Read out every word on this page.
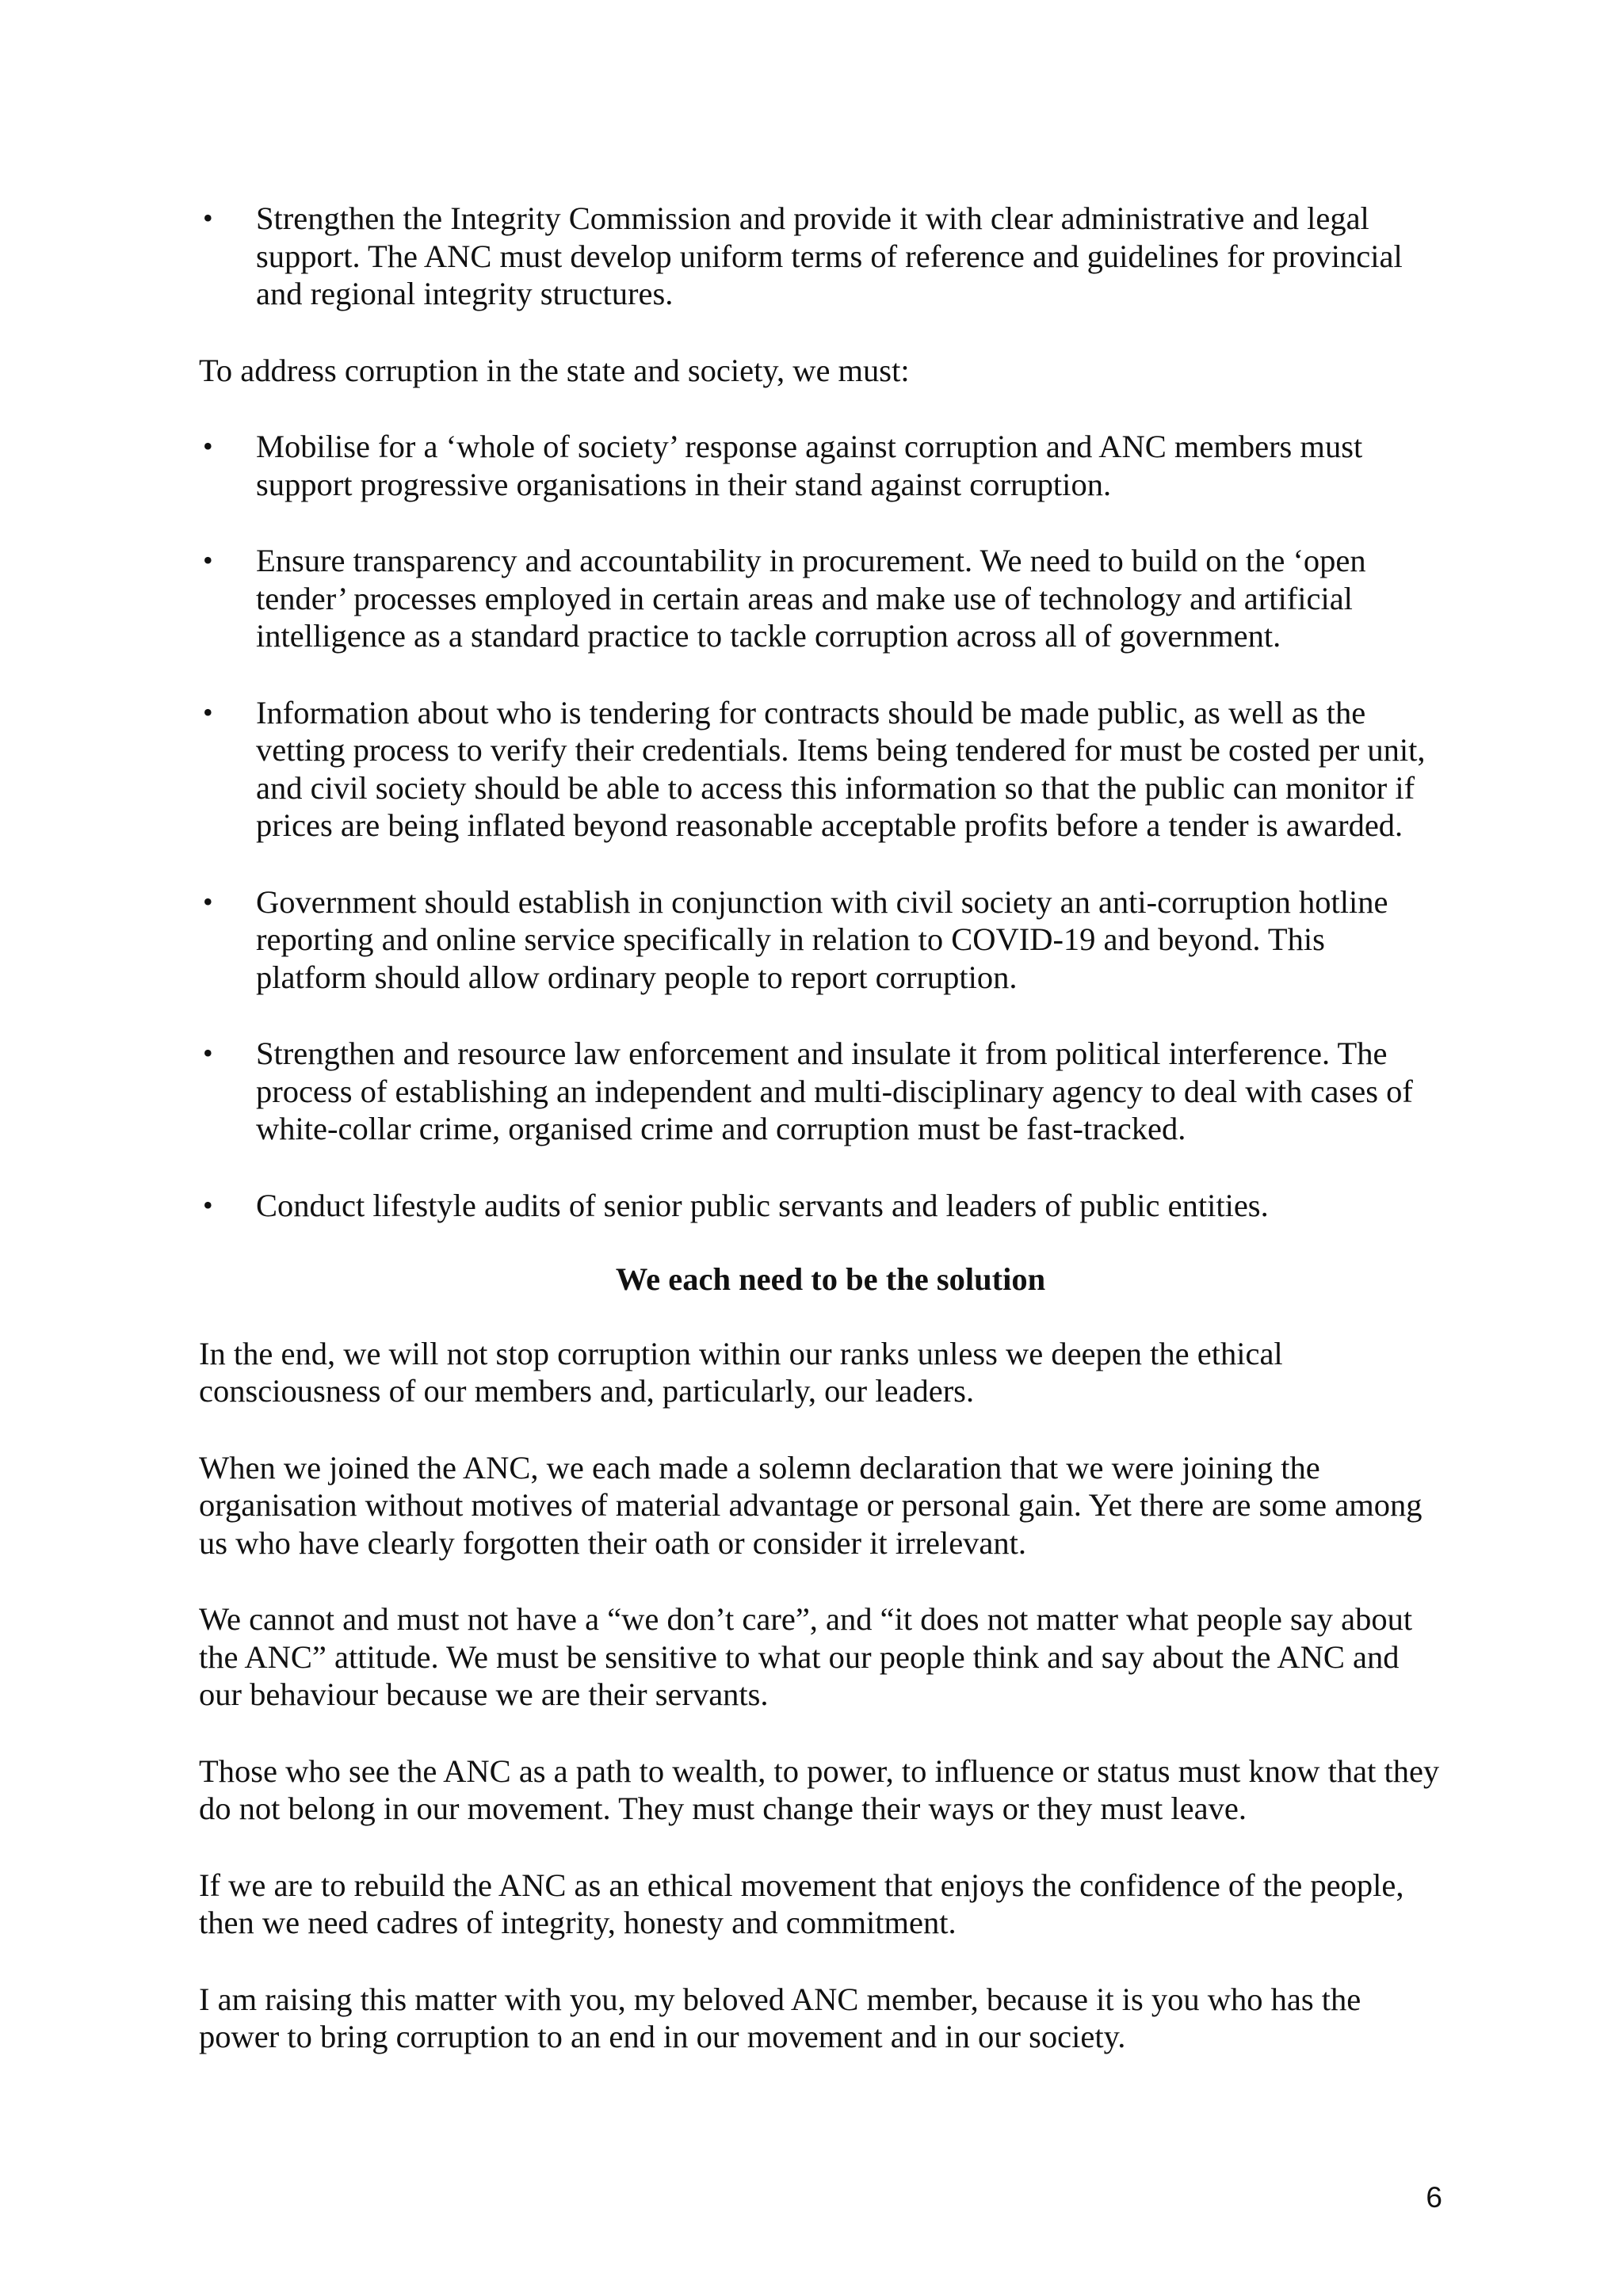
• Strengthen the Integrity Commission and provide it with clear administrative and legal support. The ANC must develop uniform terms of reference and guidelines for provincial and regional integrity structures.
To address corruption in the state and society, we must:
• Mobilise for a ‘whole of society’ response against corruption and ANC members must support progressive organisations in their stand against corruption.
• Ensure transparency and accountability in procurement. We need to build on the ‘open tender’ processes employed in certain areas and make use of technology and artificial intelligence as a standard practice to tackle corruption across all of government.
• Information about who is tendering for contracts should be made public, as well as the vetting process to verify their credentials. Items being tendered for must be costed per unit, and civil society should be able to access this information so that the public can monitor if prices are being inflated beyond reasonable acceptable profits before a tender is awarded.
• Government should establish in conjunction with civil society an anti-corruption hotline reporting and online service specifically in relation to COVID-19 and beyond. This platform should allow ordinary people to report corruption.
• Strengthen and resource law enforcement and insulate it from political interference. The process of establishing an independent and multi-disciplinary agency to deal with cases of white-collar crime, organised crime and corruption must be fast-tracked.
• Conduct lifestyle audits of senior public servants and leaders of public entities.
We each need to be the solution
In the end, we will not stop corruption within our ranks unless we deepen the ethical consciousness of our members and, particularly, our leaders.
When we joined the ANC, we each made a solemn declaration that we were joining the organisation without motives of material advantage or personal gain. Yet there are some among us who have clearly forgotten their oath or consider it irrelevant.
We cannot and must not have a “we don’t care”, and “it does not matter what people say about the ANC” attitude. We must be sensitive to what our people think and say about the ANC and our behaviour because we are their servants.
Those who see the ANC as a path to wealth, to power, to influence or status must know that they do not belong in our movement. They must change their ways or they must leave.
If we are to rebuild the ANC as an ethical movement that enjoys the confidence of the people, then we need cadres of integrity, honesty and commitment.
I am raising this matter with you, my beloved ANC member, because it is you who has the power to bring corruption to an end in our movement and in our society.
6
